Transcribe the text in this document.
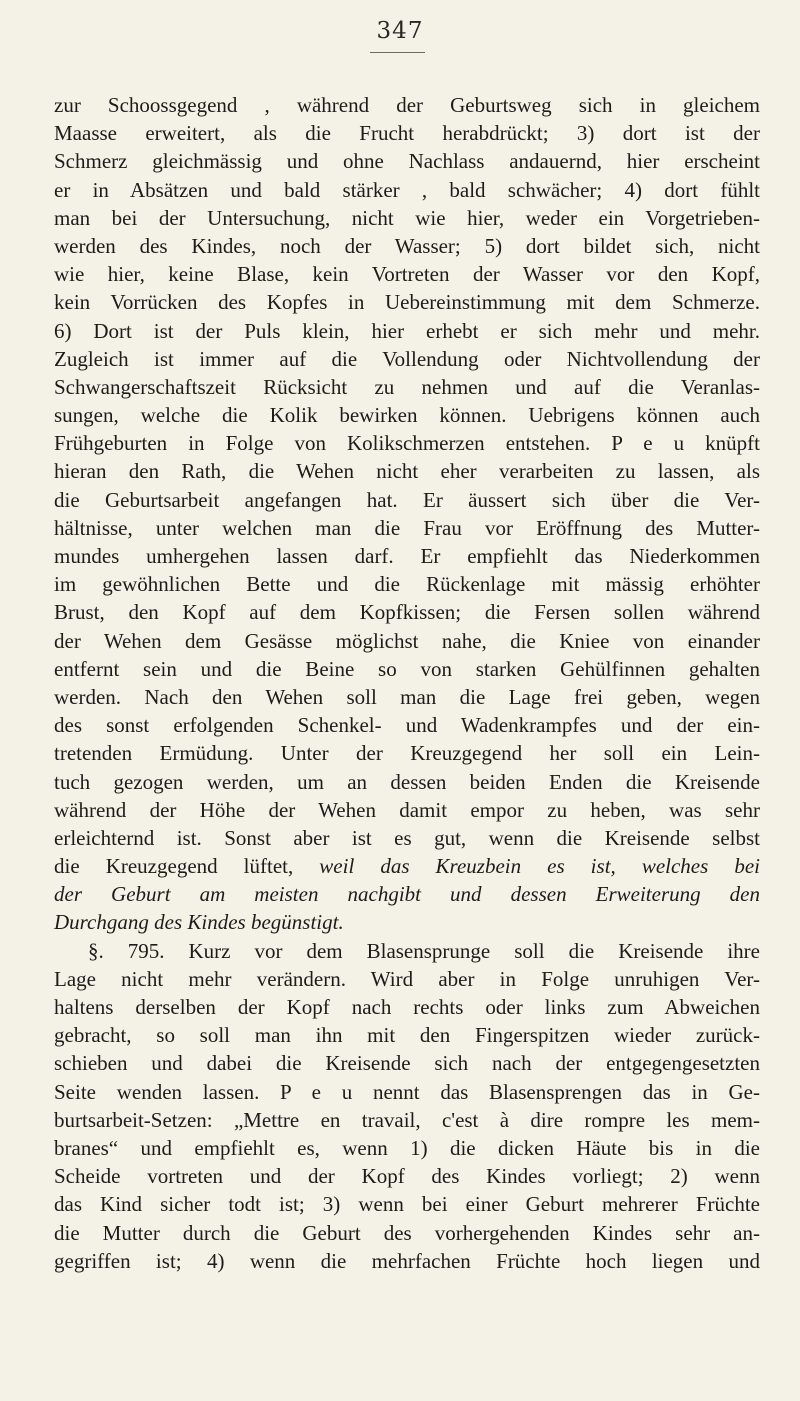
347
zur Schoossgegend , während der Geburtsweg sich in gleichem
Maasse erweitert, als die Frucht herabdrückt; 3) dort ist der
Schmerz gleichmässig und ohne Nachlass andauernd, hier erscheint
er in Absätzen und bald stärker , bald schwächer; 4) dort fühlt
man bei der Untersuchung, nicht wie hier, weder ein Vorgetrieben-
werden des Kindes, noch der Wasser; 5) dort bildet sich, nicht
wie hier, keine Blase, kein Vortreten der Wasser vor den Kopf,
kein Vorrücken des Kopfes in Uebereinstimmung mit dem Schmerze.
6) Dort ist der Puls klein, hier erhebt er sich mehr und mehr.
Zugleich ist immer auf die Vollendung oder Nichtvollendung der
Schwangerschaftszeit Rücksicht zu nehmen und auf die Veranlas-
sungen, welche die Kolik bewirken können. Uebrigens können auch
Frühgeburten in Folge von Kolikschmerzen entstehen. P e u knüpft
hieran den Rath, die Wehen nicht eher verarbeiten zu lassen, als
die Geburtsarbeit angefangen hat. Er äussert sich über die Ver-
hältnisse, unter welchen man die Frau vor Eröffnung des Mutter-
mundes umhergehen lassen darf. Er empfiehlt das Niederkommen
im gewöhnlichen Bette und die Rückenlage mit mässig erhöhter
Brust, den Kopf auf dem Kopfkissen; die Fersen sollen während
der Wehen dem Gesässe möglichst nahe, die Kniee von einander
entfernt sein und die Beine so von starken Gehülfinnen gehalten
werden. Nach den Wehen soll man die Lage frei geben, wegen
des sonst erfolgenden Schenkel- und Wadenkrampfes und der ein-
tretenden Ermüdung. Unter der Kreuzgegend her soll ein Lein-
tuch gezogen werden, um an dessen beiden Enden die Kreisende
während der Höhe der Wehen damit empor zu heben, was sehr
erleichternd ist. Sonst aber ist es gut, wenn die Kreisende selbst
die Kreuzgegend lüftet, weil das Kreuzbein es ist, welches bei
der Geburt am meisten nachgibt und dessen Erweiterung den
Durchgang des Kindes begünstigt.
§. 795. Kurz vor dem Blasensprunge soll die Kreisende ihre
Lage nicht mehr verändern. Wird aber in Folge unruhigen Ver-
haltens derselben der Kopf nach rechts oder links zum Abweichen
gebracht, so soll man ihn mit den Fingerspitzen wieder zurück-
schieben und dabei die Kreisende sich nach der entgegengesetzten
Seite wenden lassen. P e u nennt das Blasensprengen das in Ge-
burtsarbeit-Setzen: „Mettre en travail, c'est à dire rompre les mem-
branes“ und empfiehlt es, wenn 1) die dicken Häute bis in die
Scheide vortreten und der Kopf des Kindes vorliegt; 2) wenn
das Kind sicher todt ist; 3) wenn bei einer Geburt mehrerer Früchte
die Mutter durch die Geburt des vorhergehenden Kindes sehr an-
gegriffen ist; 4) wenn die mehrfachen Früchte hoch liegen und
